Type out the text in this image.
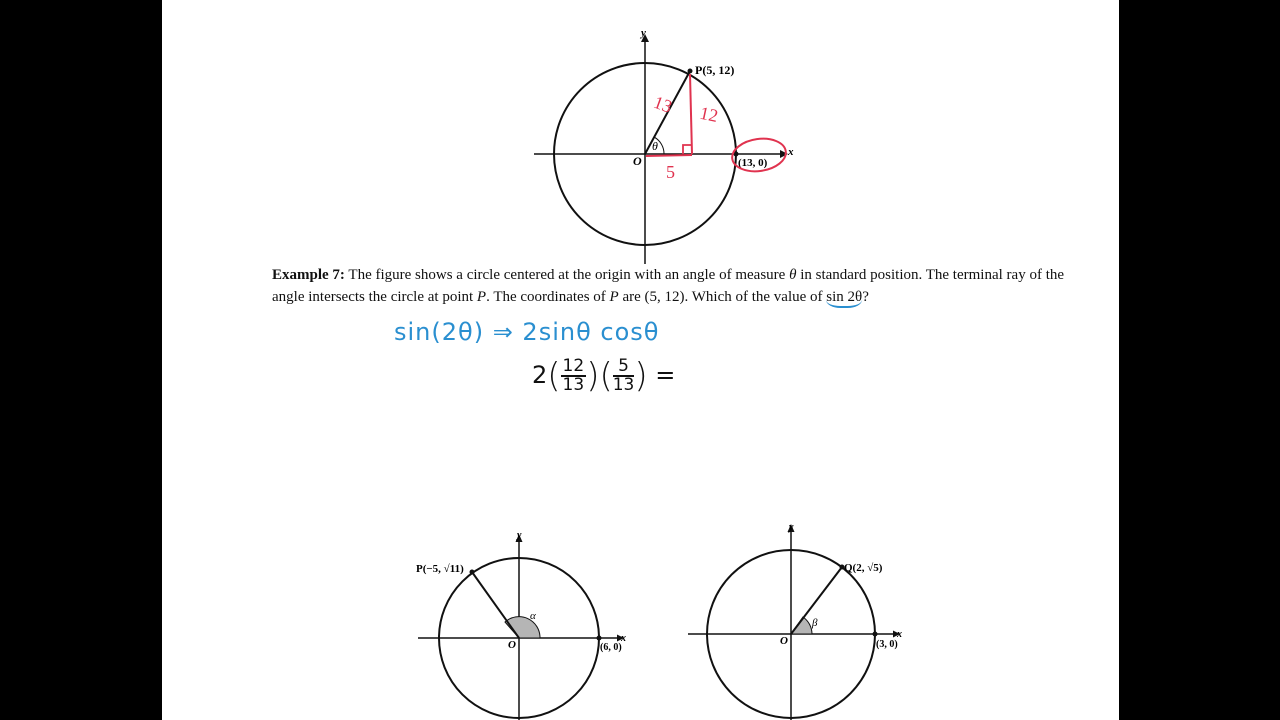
y
x
O
θ
P(5, 12)
(13, 0)
13 12
5
Example 7: The figure shows a circle centered at the origin with an angle of measure θ in standard position. The terminal ray of the angle intersects the circle at point P. The coordinates of P are (5, 12). Which of the value of sin 2θ?
sin(2θ) ⇒ 2sinθ cosθ
$2( \frac{12}{13}$ )( $\frac{5}{13}$ ) =
y
x
O
α
P(−5, √11)
(6, 0)
y
x
O
β
Q(2, √5)
(3, 0)
